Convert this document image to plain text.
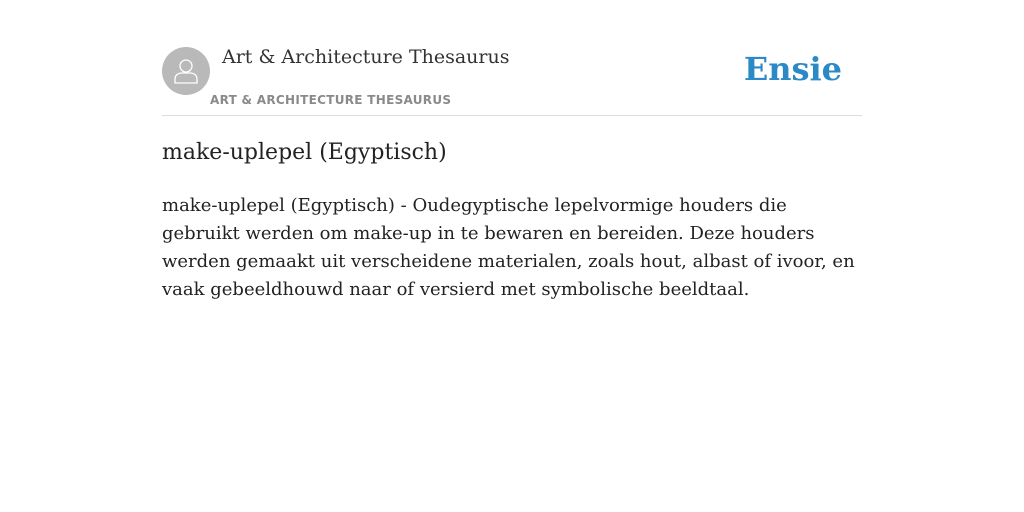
Art & Architecture Thesaurus
ART & ARCHITECTURE THESAURUS
Ensie
make-uplepel (Egyptisch)

make-uplepel (Egyptisch) - Oudegyptische lepelvormige houders die gebruikt werden om make-up in te bewaren en bereiden. Deze houders werden gemaakt uit verscheidene materialen, zoals hout, albast of ivoor, en vaak gebeeldhouwd naar of versierd met symbolische beeldtaal.
